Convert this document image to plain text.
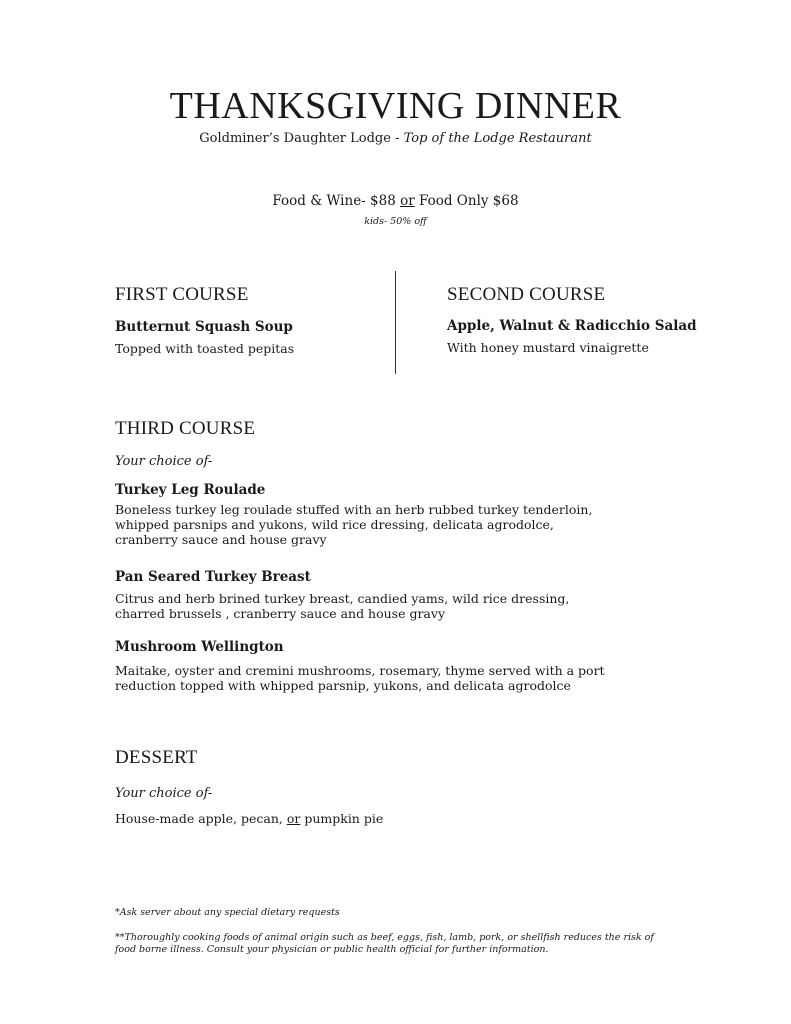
THANKSGIVING DINNER
Goldminer’s Daughter Lodge - Top of the Lodge Restaurant
Food & Wine- $88 or Food Only $68
kids- 50% off
FIRST COURSE
Butternut Squash Soup
Topped with toasted pepitas
SECOND COURSE
Apple, Walnut & Radicchio Salad
With honey mustard vinaigrette
THIRD COURSE
Your choice of-
Turkey Leg Roulade
Boneless turkey leg roulade stuffed with an herb rubbed turkey tenderloin, whipped parsnips and yukons, wild rice dressing, delicata agrodolce, cranberry sauce and house gravy
Pan Seared Turkey Breast
Citrus and herb brined turkey breast, candied yams, wild rice dressing, charred brussels , cranberry sauce and house gravy
Mushroom Wellington
Maitake, oyster and cremini mushrooms, rosemary, thyme served with a port reduction topped with whipped parsnip, yukons, and delicata agrodolce
DESSERT
Your choice of-
House-made apple, pecan, or pumpkin pie
*Ask server about any special dietary requests
**Thoroughly cooking foods of animal origin such as beef, eggs, fish, lamb, pork, or shellfish reduces the risk of food borne illness. Consult your physician or public health official for further information.
